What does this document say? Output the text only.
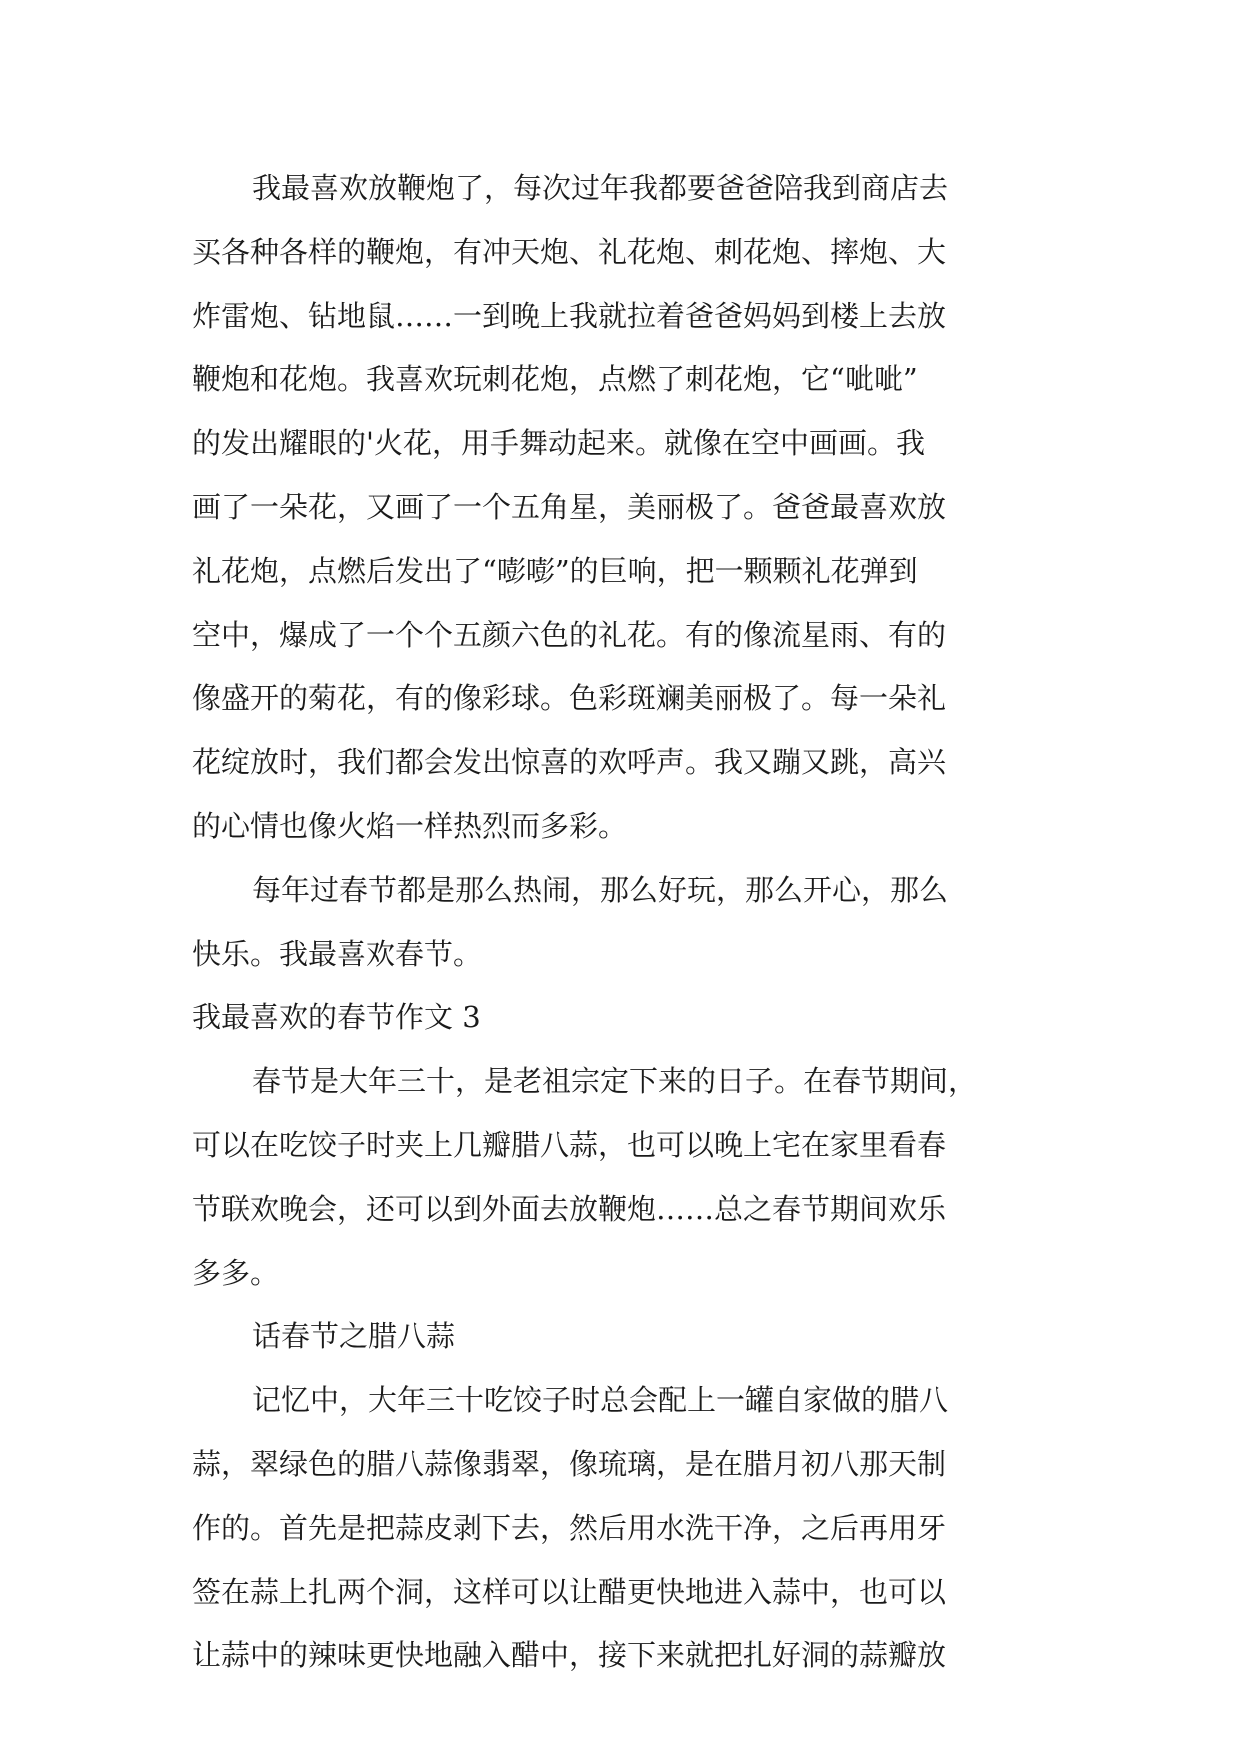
我最喜欢放鞭炮了，每次过年我都要爸爸陪我到商店去
买各种各样的鞭炮，有冲天炮、礼花炮、刺花炮、摔炮、大
炸雷炮、钻地鼠……一到晚上我就拉着爸爸妈妈到楼上去放
鞭炮和花炮。我喜欢玩刺花炮，点燃了刺花炮，它“呲呲”
的发出耀眼的'火花，用手舞动起来。就像在空中画画。我
画了一朵花，又画了一个五角星，美丽极了。爸爸最喜欢放
礼花炮，点燃后发出了“嘭嘭”的巨响，把一颗颗礼花弹到
空中，爆成了一个个五颜六色的礼花。有的像流星雨、有的
像盛开的菊花，有的像彩球。色彩斑斓美丽极了。每一朵礼
花绽放时，我们都会发出惊喜的欢呼声。我又蹦又跳，高兴
的心情也像火焰一样热烈而多彩。
每年过春节都是那么热闹，那么好玩，那么开心，那么
快乐。我最喜欢春节。
我最喜欢的春节作文 3
春节是大年三十，是老祖宗定下来的日子。在春节期间，
可以在吃饺子时夹上几瓣腊八蒜，也可以晚上宅在家里看春
节联欢晚会，还可以到外面去放鞭炮……总之春节期间欢乐
多多。
话春节之腊八蒜
记忆中，大年三十吃饺子时总会配上一罐自家做的腊八
蒜，翠绿色的腊八蒜像翡翠，像琉璃，是在腊月初八那天制
作的。首先是把蒜皮剥下去，然后用水洗干净，之后再用牙
签在蒜上扎两个洞，这样可以让醋更快地进入蒜中，也可以
让蒜中的辣味更快地融入醋中，接下来就把扎好洞的蒜瓣放
